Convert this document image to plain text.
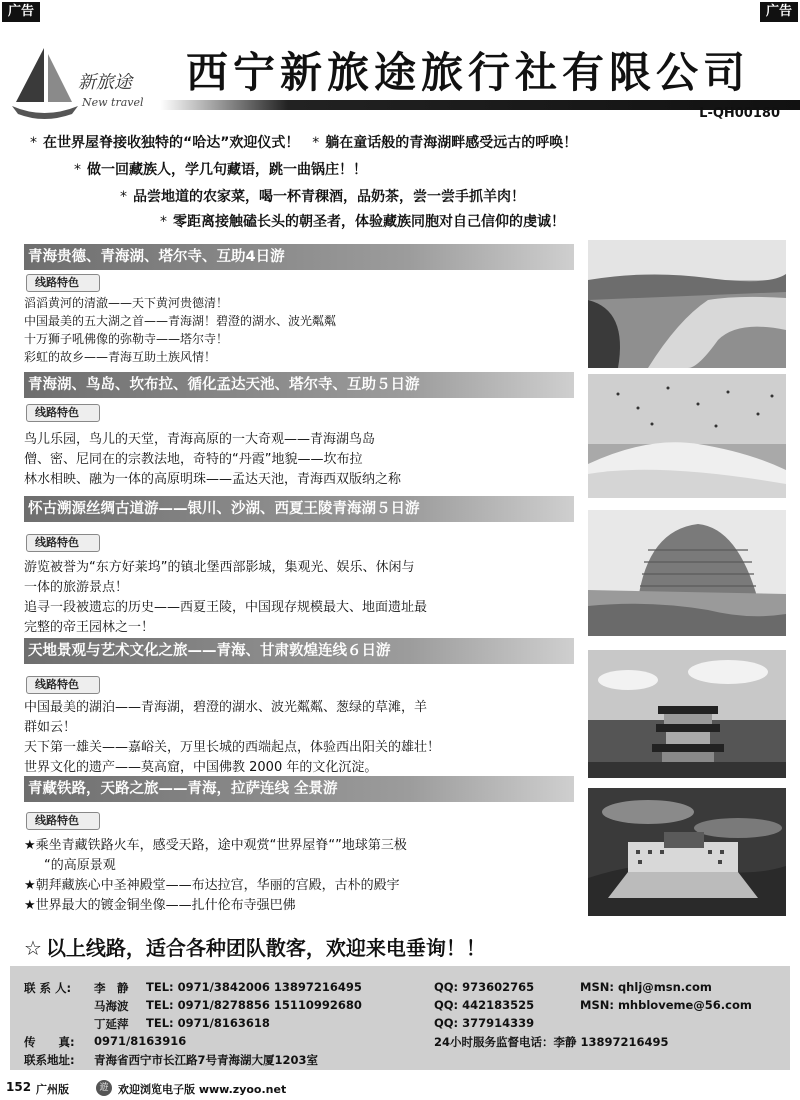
广告	广告
新旅途
New travel
西宁新旅途旅行社有限公司
L-QH00180
* 在世界屋脊接收独特的“哈达”欢迎仪式！ * 躺在童话般的青海湖畔感受远古的呼唤！
* 做一回藏族人，学几句藏语，跳一曲锅庄！！
* 品尝地道的农家菜，喝一杯青稞酒，品奶茶，尝一尝手抓羊肉！
* 零距离接触磕长头的朝圣者，体验藏族同胞对自己信仰的虔诚！
青海贵德、青海湖、塔尔寺、互助4日游
线路特色
滔滔黄河的清澈——天下黄河贵德清！
中国最美的五大湖之首——青海湖！碧澄的湖水、波光粼粼
十万狮子吼佛像的弥勒寺——塔尔寺！
彩虹的故乡——青海互助土族风情！
青海湖、鸟岛、坎布拉、循化孟达天池、塔尔寺、互助５日游
线路特色
鸟儿乐园，鸟儿的天堂，青海高原的一大奇观——青海湖鸟岛
僧、密、尼同在的宗教法地，奇特的“丹霞”地貌——坎布拉
林水相映、融为一体的高原明珠——孟达天池，青海西双版纳之称
怀古溯源丝绸古道游——银川、沙湖、西夏王陵青海湖５日游
线路特色
游览被誉为“东方好莱坞”的镇北堡西部影城，集观光、娱乐、休闲与
一体的旅游景点！
追寻一段被遗忘的历史——西夏王陵，中国现存规模最大、地面遗址最
完整的帝王园林之一！
天地景观与艺术文化之旅——青海、甘肃敦煌连线６日游
线路特色
中国最美的湖泊——青海湖，碧澄的湖水、波光粼粼、葱绿的草滩，羊
群如云！
天下第一雄关——嘉峪关，万里长城的西端起点，体验西出阳关的雄壮！
世界文化的遗产——莫高窟，中国佛教 2000 年的文化沉淀。
青藏铁路，天路之旅——青海，拉萨连线 全景游
线路特色
★乘坐青藏铁路火车，感受天路，途中观赏“世界屋脊“”地球第三极
“的高原景观
★朝拜藏族心中圣神殿堂——布达拉宫，华丽的宫殿，古朴的殿宇
★世界最大的镀金铜坐像——扎什伦布寺强巴佛
☆ 以上线路，适合各种团队散客，欢迎来电垂询！！
联 系 人: 李　静 TEL: 0971/3842006 13897216495	QQ: 973602765	MSN: qhlj@msn.com
马海波 TEL: 0971/8278856 15110992680	QQ: 442183525	MSN: mhbloveme@56.com
丁延萍 TEL: 0971/8163618	QQ: 377914339
传　　真: 0971/8163916	24小时服务监督电话：李静 13897216495
联系地址: 青海省西宁市长江路7号青海湖大厦1203室
152 广州版	遊 欢迎浏览电子版 www.zyoo.net
